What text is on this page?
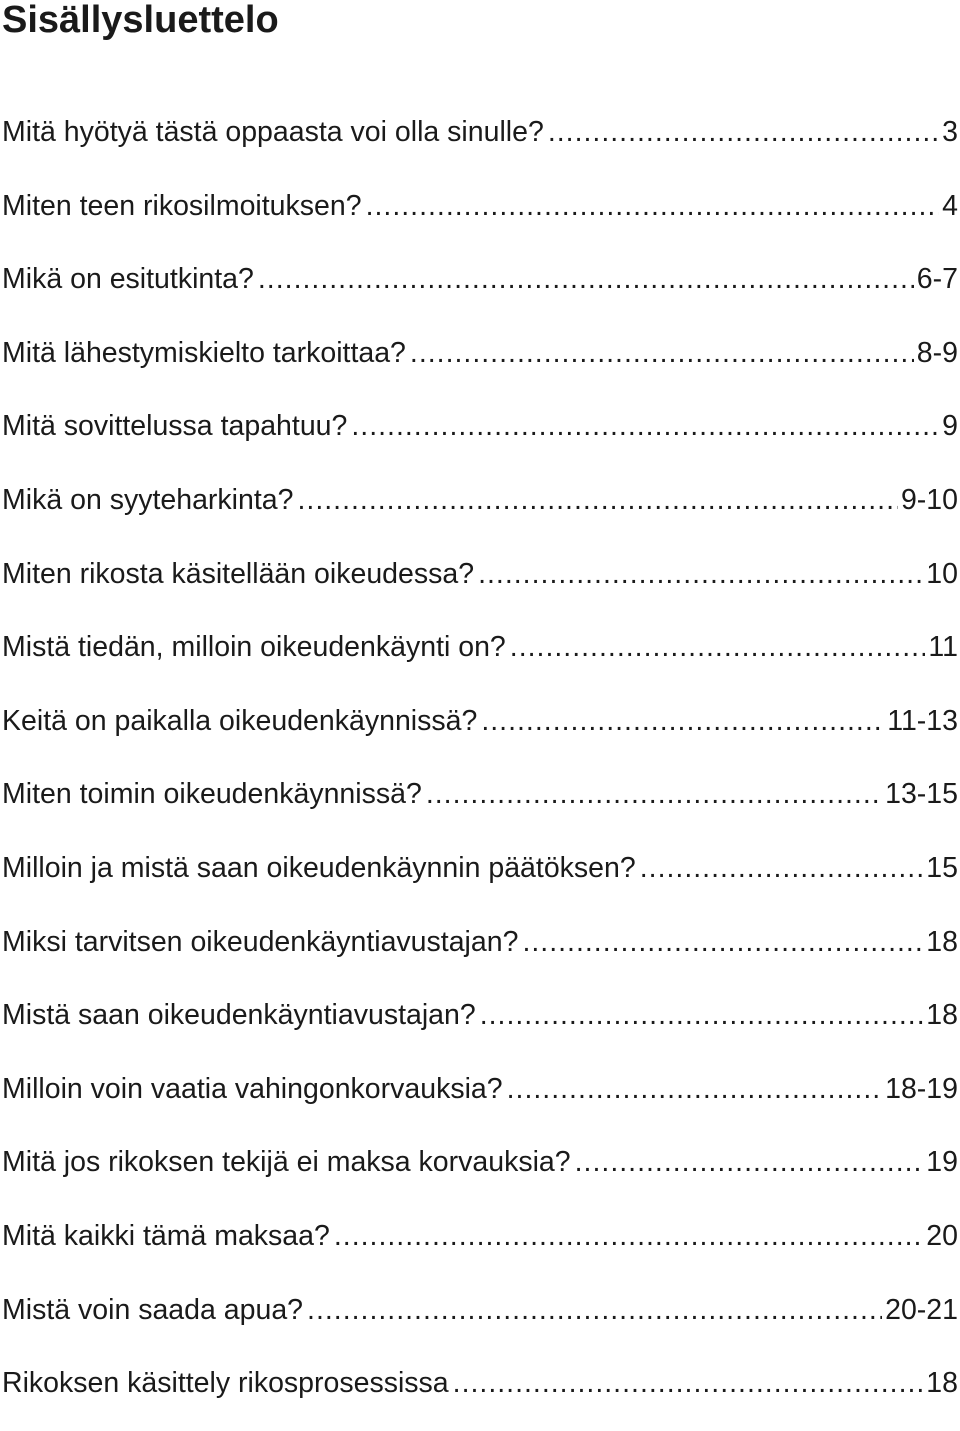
Sisällysluettelo
Mitä hyötyä tästä oppaasta voi olla sinulle? .....	3
Miten teen rikosilmoituksen? .....	4
Mikä on esitutkinta? .....	6-7
Mitä lähestymiskielto tarkoittaa? .....	8-9
Mitä sovittelussa tapahtuu? .....	9
Mikä on syyteharkinta? .....	9-10
Miten rikosta käsitellään oikeudessa? .....	10
Mistä tiedän, milloin oikeudenkäynti on? .....	11
Keitä on paikalla oikeudenkäynnissä? .....	11-13
Miten toimin oikeudenkäynnissä? .....	13-15
Milloin ja mistä saan oikeudenkäynnin päätöksen? .....	15
Miksi tarvitsen oikeudenkäyntiavustajan? .....	18
Mistä saan oikeudenkäyntiavustajan? .....	18
Milloin voin vaatia vahingonkorvauksia? .....	18-19
Mitä jos rikoksen tekijä ei maksa korvauksia? .....	19
Mitä kaikki tämä maksaa? .....	20
Mistä voin saada apua? .....	20-21
Rikoksen käsittely rikosprosessissa .....	18
